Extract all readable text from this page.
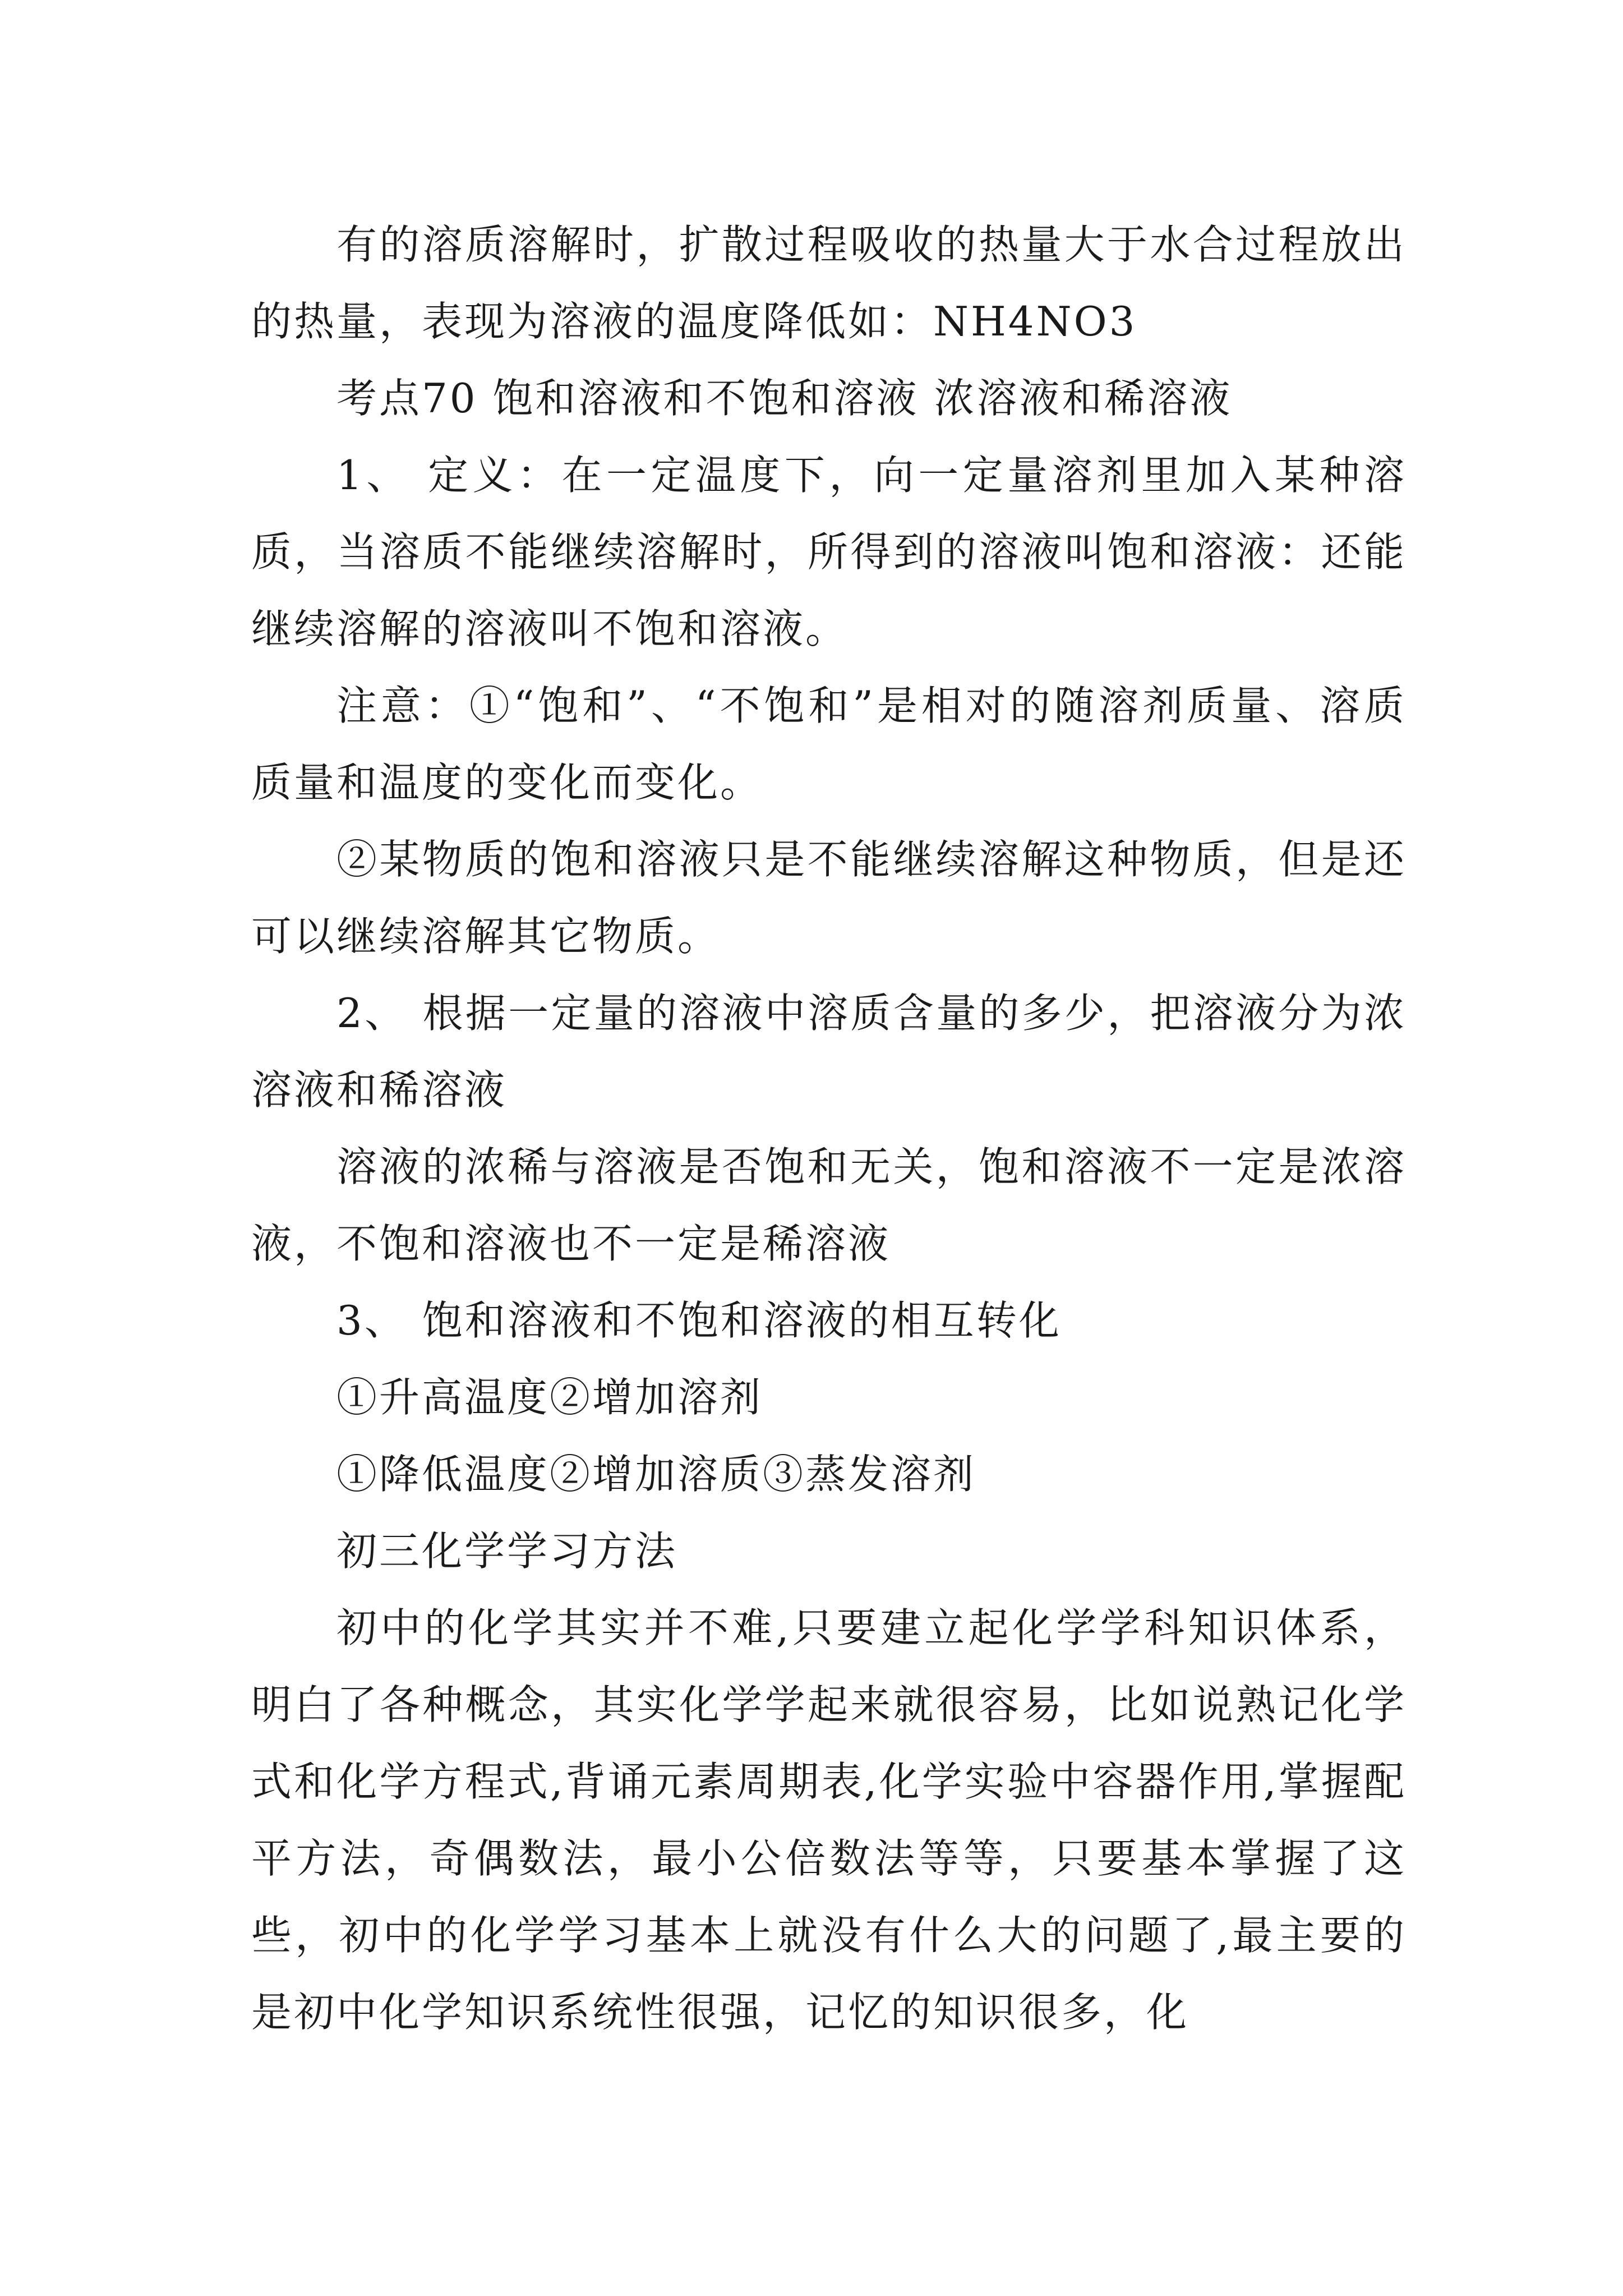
有的溶质溶解时，扩散过程吸收的热量大于水合过程放出的热量，表现为溶液的温度降低如：NH4NO3

考点70 饱和溶液和不饱和溶液 浓溶液和稀溶液

1、 定义：在一定温度下，向一定量溶剂里加入某种溶质，当溶质不能继续溶解时，所得到的溶液叫饱和溶液：还能继续溶解的溶液叫不饱和溶液。

注意：①“饱和”、“不饱和”是相对的随溶剂质量、溶质质量和温度的变化而变化。

②某物质的饱和溶液只是不能继续溶解这种物质，但是还可以继续溶解其它物质。

2、 根据一定量的溶液中溶质含量的多少，把溶液分为浓溶液和稀溶液

溶液的浓稀与溶液是否饱和无关，饱和溶液不一定是浓溶液，不饱和溶液也不一定是稀溶液

3、 饱和溶液和不饱和溶液的相互转化

①升高温度②增加溶剂

①降低温度②增加溶质③蒸发溶剂

初三化学学习方法

初中的化学其实并不难,只要建立起化学学科知识体系，明白了各种概念，其实化学学起来就很容易，比如说熟记化学式和化学方程式,背诵元素周期表,化学实验中容器作用,掌握配平方法，奇偶数法，最小公倍数法等等，只要基本掌握了这些，初中的化学学习基本上就没有什么大的问题了,最主要的是初中化学知识系统性很强，记忆的知识很多，化
